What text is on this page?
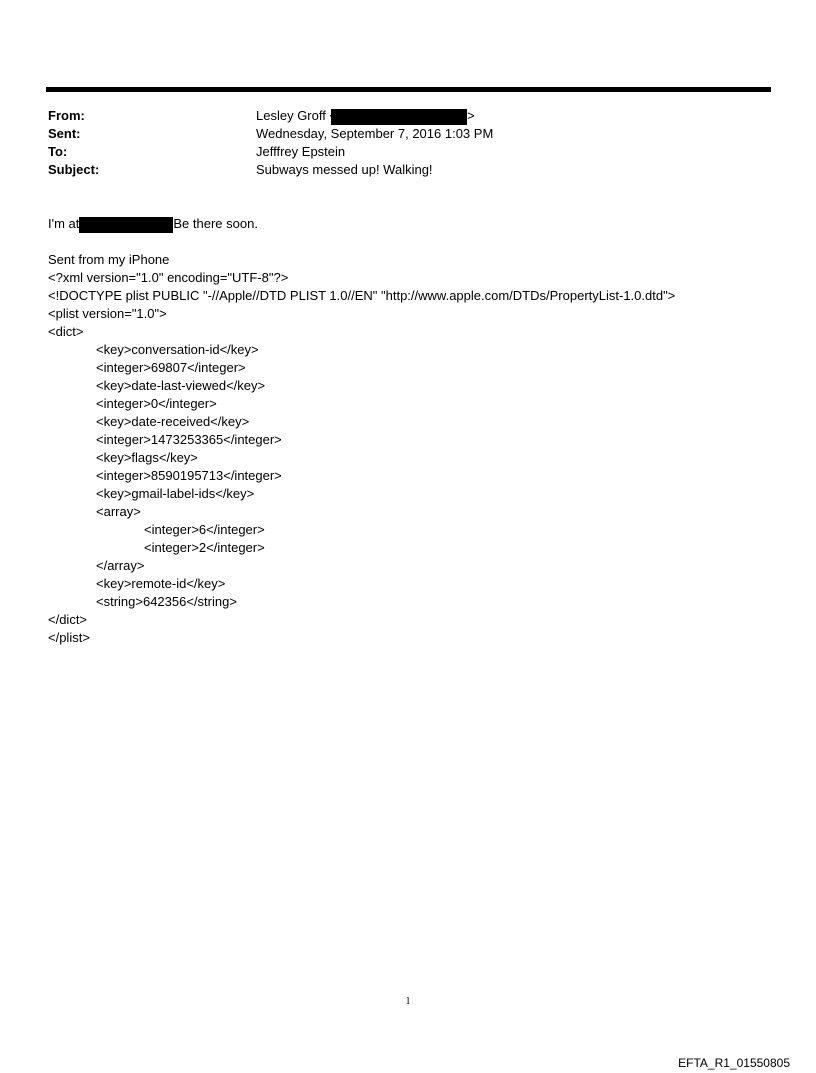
From:	Lesley Groff	>
Sent:	Wednesday, September 7, 2016 1:03 PM
To:	Jefffrey Epstein
Subject:	Subways messed up! Walking!
I'm at	Be there soon.
Sent from my iPhone
<?xml version="1.0" encoding="UTF-8"?>
<!DOCTYPE plist PUBLIC "-//Apple//DTD PLIST 1.0//EN" "http://www.apple.com/DTDs/PropertyList-1.0.dtd">
<plist version="1.0">
<dict>
<key>conversation-id</key>
<integer>69807</integer>
<key>date-last-viewed</key>
<integer>0</integer>
<key>date-received</key>
<integer>1473253365</integer>
<key>flags</key>
<integer>8590195713</integer>
<key>gmail-label-ids</key>
<array>
<integer>6</integer>
<integer>2</integer>
</array>
<key>remote-id</key>
<string>642356</string>
</dict>
</plist>
1
EFTA_R1_01550805
